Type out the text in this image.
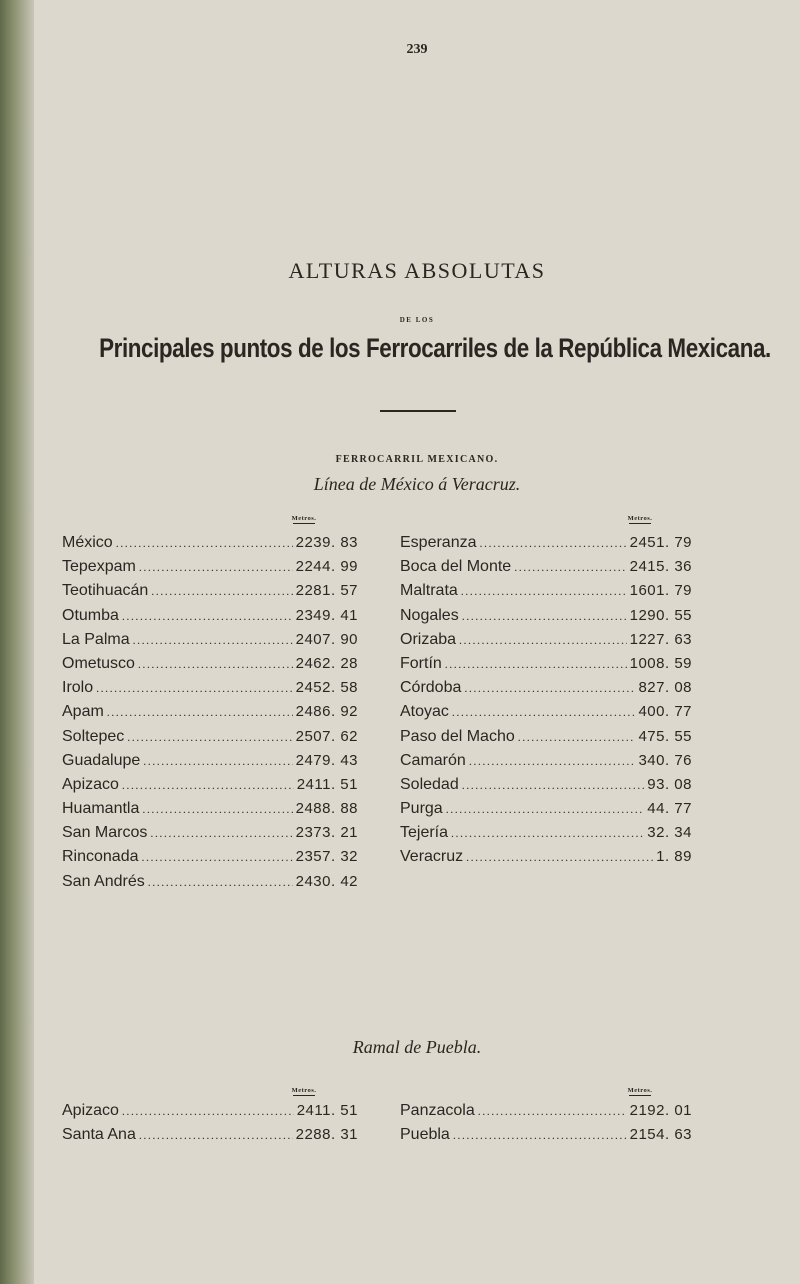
239
ALTURAS ABSOLUTAS
DE LOS
Principales puntos de los Ferrocarriles de la República Mexicana.
FERROCARRIL MEXICANO.
Línea de México á Veracruz.
Metros.	Metros.
México .....	2239. 83
Tepexpam .....	2244. 99
Teotihuacán .....	2281. 57
Otumba .....	2349. 41
La Palma .....	2407. 90
Ometusco .....	2462. 28
Irolo .....	2452. 58
Apam .....	2486. 92
Soltepec .....	2507. 62
Guadalupe .....	2479. 43
Apizaco .....	2411. 51
Huamantla .....	2488. 88
San Marcos .....	2373. 21
Rinconada .....	2357. 32
San Andrés .....	2430. 42
Esperanza .....	2451. 79
Boca del Monte .....	2415. 36
Maltrata .....	1601. 79
Nogales .....	1290. 55
Orizaba .....	1227. 63
Fortín .....	1008. 59
Córdoba .....	827. 08
Atoyac .....	400. 77
Paso del Macho .....	475. 55
Camarón .....	340. 76
Soledad .....	93. 08
Purga .....	44. 77
Tejería .....	32. 34
Veracruz .....	1. 89
Ramal de Puebla.
Metros.	Metros.
Apizaco .....	2411. 51
Santa Ana .....	2288. 31
Panzacola .....	2192. 01
Puebla .....	2154. 63
